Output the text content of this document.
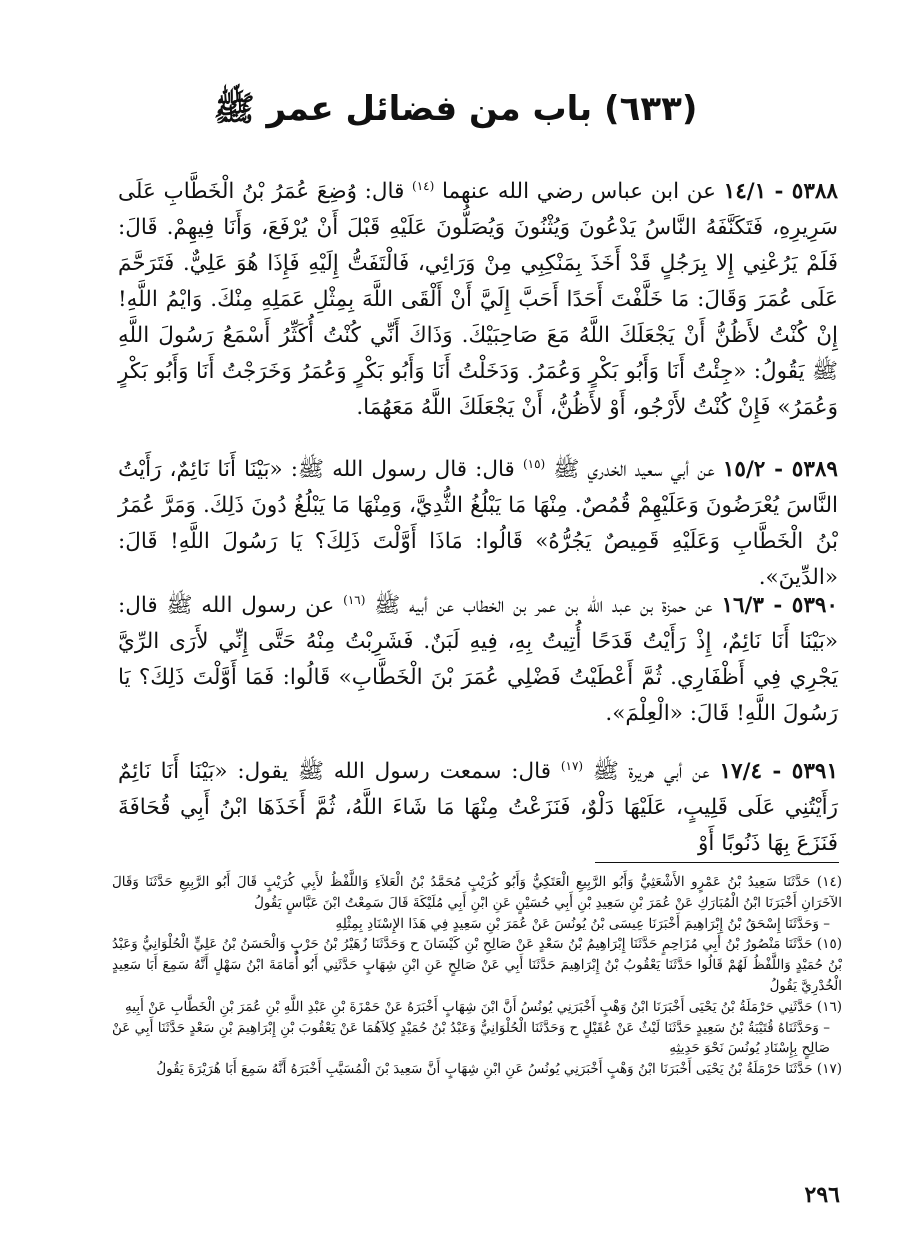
(٦٣٣) باب من فضائل عمر ﷺ
٥٣٨٨ - ١٤/١ عن ابن عباس رضي الله عنهما $^{(١٤)}$ قال: وُضِعَ عُمَرُ بْنُ الْخَطَّابِ عَلَى سَرِيرِهِ، فَتَكَنَّفَهُ النَّاسُ يَدْعُونَ وَيُثْنُونَ وَيُصَلُّونَ عَلَيْهِ قَبْلَ أَنْ يُرْفَعَ، وَأَنَا فِيهِمْ. قَالَ: فَلَمْ يَرُعْنِي إِلا بِرَجُلٍ قَدْ أَخَذَ بِمَنْكِبِي مِنْ وَرَائِي، فَالْتَفَتُّ إِلَيْهِ فَإِذَا هُوَ عَلِيٌّ. فَتَرَحَّمَ عَلَى عُمَرَ وَقَالَ: مَا خَلَّفْتَ أَحَدًا أَحَبَّ إِلَيَّ أَنْ أَلْقَى اللَّهَ بِمِثْلِ عَمَلِهِ مِنْكَ. وَايْمُ اللَّهِ! إِنْ كُنْتُ لأَظُنُّ أَنْ يَجْعَلَكَ اللَّهُ مَعَ صَاحِبَيْكَ. وَذَاكَ أَنِّي كُنْتُ أُكَثِّرُ أَسْمَعُ رَسُولَ اللَّهِ ﷺ يَقُولُ: «جِئْتُ أَنَا وَأَبُو بَكْرٍ وَعُمَرُ. وَدَخَلْتُ أَنَا وَأَبُو بَكْرٍ وَعُمَرُ وَخَرَجْتُ أَنَا وَأَبُو بَكْرٍ وَعُمَرُ» فَإِنْ كُنْتُ لأَرْجُو، أَوْ لأَظُنُّ، أَنْ يَجْعَلَكَ اللَّهُ مَعَهُمَا.
٥٣٨٩ - ١٥/٢ عن أبي سعيد الخدري ﷺ $^{(١٥)}$ قال: قال رسول الله ﷺ: «بَيْنَا أَنَا نَائِمٌ، رَأَيْتُ النَّاسَ يُعْرَضُونَ وَعَلَيْهِمْ قُمُصٌ. مِنْهَا مَا يَبْلُغُ الثُّدِيَّ، وَمِنْهَا مَا يَبْلُغُ دُونَ ذَلِكَ. وَمَرَّ عُمَرُ بْنُ الْخَطَّابِ وَعَلَيْهِ قَمِيصٌ يَجُرُّهُ» قَالُوا: مَاذَا أَوَّلْتَ ذَلِكَ؟ يَا رَسُولَ اللَّهِ! قَالَ: «الدِّينَ».
٥٣٩٠ - ١٦/٣ عن حمزة بن عبد الله بن عمر بن الخطاب عن أبيه ﷺ $^{(١٦)}$ عن رسول الله ﷺ قال: «بَيْنَا أَنَا نَائِمٌ، إِذْ رَأَيْتُ قَدَحًا أُتِيتُ بِهِ، فِيهِ لَبَنٌ. فَشَرِبْتُ مِنْهُ حَتَّى إِنِّي لأَرَى الرِّيَّ يَجْرِي فِي أَظْفَارِي. ثُمَّ أَعْطَيْتُ فَضْلِي عُمَرَ بْنَ الْخَطَّابِ» قَالُوا: فَمَا أَوَّلْتَ ذَلِكَ؟ يَا رَسُولَ اللَّهِ! قَالَ: «الْعِلْمَ».
٥٣٩١ - ١٧/٤ عن أبي هريرة ﷺ $^{(١٧)}$ قال: سمعت رسول الله ﷺ يقول: «بَيْنَا أَنَا نَائِمٌ رَأَيْتُنِي عَلَى قَلِيبٍ، عَلَيْهَا دَلْوٌ، فَنَزَعْتُ مِنْهَا مَا شَاءَ اللَّهُ، ثُمَّ أَخَذَهَا ابْنُ أَبِي قُحَافَةَ فَنَزَعَ بِهَا ذَنُوبًا أَوْ

(١٤) حَدَّثَنَا سَعِيدُ بْنُ عَمْرٍو الأَشْعَثِيُّ وَأَبُو الرَّبِيعِ الْعَتَكِيُّ وَأَبُو كُرَيْبٍ مُحَمَّدُ بْنُ الْعَلاَءِ وَاللَّفْظُ لأَبِي كُرَيْبٍ قَالَ أَبُو الرَّبِيعِ حَدَّثَنَا وَقَالَ الآخَرَانِ أَخْبَرَنَا ابْنُ الْمُبَارَكِ عَنْ عُمَرَ بْنِ سَعِيدِ بْنِ أَبِي حُسَيْنٍ عَنِ ابْنِ أَبِي مُلَيْكَةَ قَالَ سَمِعْتُ ابْنَ عَبَّاسٍ يَقُولُ

– وَحَدَّثَنَا إِسْحَقُ بْنُ إِبْرَاهِيمَ أَخْبَرَنَا عِيسَى بْنُ يُونُسَ عَنْ عُمَرَ بْنِ سَعِيدٍ فِي هَذَا الإِسْنَادِ بِمِثْلِهِ

(١٥) حَدَّثَنَا مَنْصُورُ بْنُ أَبِي مُزَاحِمٍ حَدَّثَنَا إِبْرَاهِيمُ بْنُ سَعْدٍ عَنْ صَالِحِ بْنِ كَيْسَانَ ح وَحَدَّثَنَا زُهَيْرُ بْنُ حَرْبٍ وَالْحَسَنُ بْنُ عَلِيٍّ الْحُلْوَانِيُّ وَعَبْدُ بْنُ حُمَيْدٍ وَاللَّفْظُ لَهُمْ قَالُوا حَدَّثَنَا يَعْقُوبُ بْنُ إِبْرَاهِيمَ حَدَّثَنَا أَبِي عَنْ صَالِحٍ عَنِ ابْنِ شِهَابٍ حَدَّثَنِي أَبُو أُمَامَةَ ابْنُ سَهْلٍ أَنَّهُ سَمِعَ أَبَا سَعِيدٍ الْخُدْرِيَّ يَقُولُ

(١٦) حَدَّثَنِي حَرْمَلَةُ بْنُ يَحْيَى أَخْبَرَنَا ابْنُ وَهْبٍ أَخْبَرَنِي يُونُسُ أَنَّ ابْنَ شِهَابٍ أَخْبَرَهُ عَنْ حَمْزَةَ بْنِ عَبْدِ اللَّهِ بْنِ عُمَرَ بْنِ الْخَطَّابِ عَنْ أَبِيهِ

– وَحَدَّثَنَاهُ قُتَيْبَةُ بْنُ سَعِيدٍ حَدَّثَنَا لَيْثٌ عَنْ عُقَيْلٍ ح وَحَدَّثَنَا الْحُلْوَانِيُّ وَعَبْدُ بْنُ حُمَيْدٍ كِلاَهُمَا عَنْ يَعْقُوبَ بْنِ إِبْرَاهِيمَ بْنِ سَعْدٍ حَدَّثَنَا أَبِي عَنْ صَالِحٍ بِإِسْنَادِ يُونُسَ نَحْوَ حَدِيثِهِ

(١٧) حَدَّثَنَا حَرْمَلَةُ بْنُ يَحْيَى أَخْبَرَنَا ابْنُ وَهْبٍ أَخْبَرَنِي يُونُسُ عَنِ ابْنِ شِهَابٍ أَنَّ سَعِيدَ بْنَ الْمُسَيَّبِ أَخْبَرَهُ أَنَّهُ سَمِعَ أَبَا هُرَيْرَةَ يَقُولُ

٢٩٦
